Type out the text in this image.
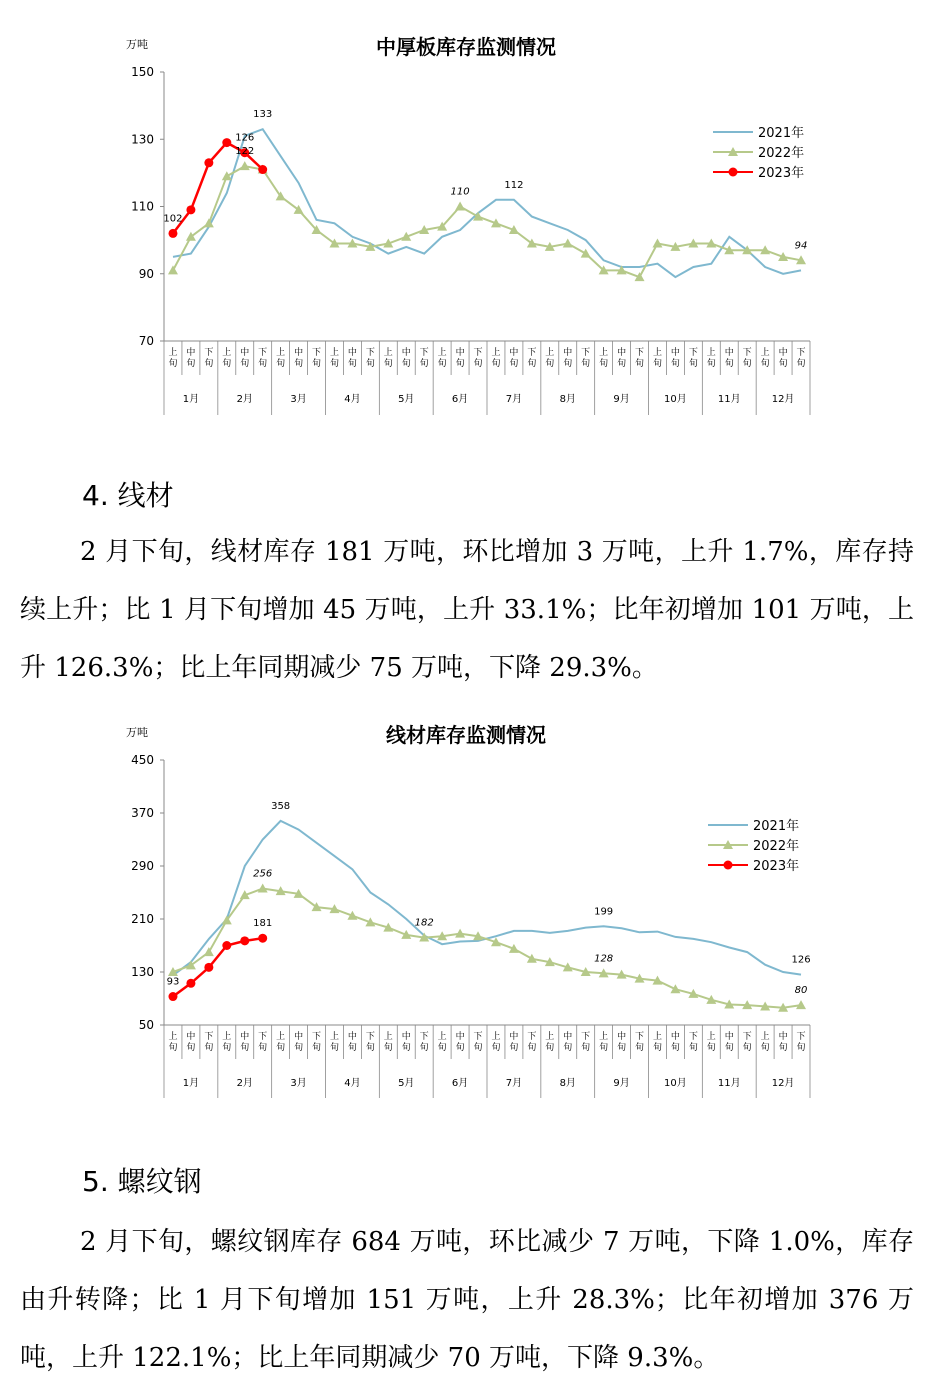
中厚板库存监测情况
万吨
70
90
110
130
150
上旬
中旬
下旬
上旬
中旬
下旬
上旬
中旬
下旬
上旬
中旬
下旬
上旬
中旬
下旬
上旬
中旬
下旬
上旬
中旬
下旬
上旬
中旬
下旬
上旬
中旬
下旬
上旬
中旬
下旬
上旬
中旬
下旬
上旬
中旬
下旬
1月	2月	3月	4月	5月	6月	7月	8月	9月	10月	11月	12月
102
126
122
133
110
112
94
2021年
2022年
2023年
4. 线材

2 月下旬，线材库存 181 万吨，环比增加 3 万吨，上升 1.7%，库存持续上升；比 1 月下旬增加 45 万吨，上升 33.1%；比年初增加 101 万吨，上升 126.3%；比上年同期减少 75 万吨，下降 29.3%。

线材库存监测情况
万吨
50
130
210
290
370
450
上旬
中旬
下旬
上旬
中旬
下旬
上旬
中旬
下旬
上旬
中旬
下旬
上旬
中旬
下旬
上旬
中旬
下旬
上旬
中旬
下旬
上旬
中旬
下旬
上旬
中旬
下旬
上旬
中旬
下旬
上旬
中旬
下旬
上旬
中旬
下旬
1月	2月	3月	4月	5月	6月	7月	8月	9月	10月	11月	12月
93
181
256
358
182
199
128	126
80
2021年
2022年
2023年
5. 螺纹钢

2 月下旬，螺纹钢库存 684 万吨，环比减少 7 万吨，下降 1.0%，库存由升转降；比 1 月下旬增加 151 万吨，上升 28.3%；比年初增加 376 万吨，上升 122.1%；比上年同期减少 70 万吨，下降 9.3%。
